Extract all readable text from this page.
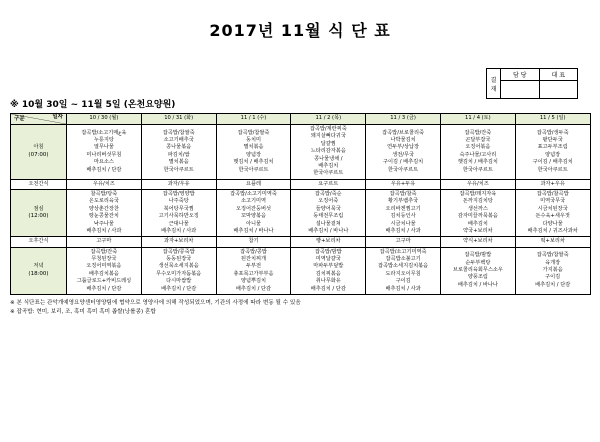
2017년 11월 식 단 표
결
재	담 당	대 표

※ 10월 30일 ~ 11월 5일 (온천요양원)
일자
구분	10 / 30 (월)	10 / 31 (화)	11 / 1 (수)	11 / 2 (목)	11 / 3 (금)	11 / 4 (토)	11 / 5 (일)
아침
(07:00)

잡곡밥/소고기매ع육
누룽지탕
열무나물
미나리버섯무침
마요소스
배추김치 / 단감

잡곡밥/찹쌀죽
소고기배추국
콩나물볶음
파김치/쌈
멸치볶음
한국아쿠르트

잡곡밥/찹쌀죽
동치미
멸치볶음
양념장
햇김치 / 배추김치
한국아쿠르트

잡곡밥/계란찌죽
돼지살뼈다귀국
달걀찜
느타리감자볶음
콩나물냉채 /
배추김치
한국아쿠르트

잡곡밥/브로콜리죽
나박물김치
연두부/상납장
생전/무국
구이김 / 배추김치
한국아쿠르트

잡곡밥/잔죽
곤달부잡국
오징어볶음
숙주나물/고사리
햇김치 / 배추김치
한국아쿠르트

잡곡밥/생두죽
팥단두국
표고두부조림
양념장
구이김 / 배추김치
한국아쿠르트

오전간식	우유/치즈	과자/우유	요플레	요구르트	우유+두유	우유/치즈	과자+우유

점심
(12:00)

찰곡밥/탕죽
온도로리육국
양상춘간장찬
땅눈콩물잔치
낙주나물
배추김치 / 사과

잡곡밥/영양밥
나주죽탕
북어탕무국찜
고기사묵하반오징
근대나물
배추김치 / 사과

잡곡밥/소고기미역죽
소고기미역
오징어잔둥버섯
꼬막양볶음
아니물
배추김치 / 바나나

잡곡밥/죽순
오징어죽
들양어묵국
동태전무조림
설나물겉쳐
배추김치 / 바나나

잡곡밥/찰죽
황기부뱀추국
오리바겐찜고기
김치등인사
시금치나물
배추김치 / 사과

잡곡밥/돼지자육
돈까지김치탕
생선까스
감자미끌까묵볶음
배추김치
약국+보리차

잡곡밥/찰곡밥
미역국무국
시금치된장국
돈수육+새우젓
다양나물
배추김치 / 귀즈사과차

오후간식	고구마	과자+보리차	찹기	빵+보리차	고구마	약식+보리차	떡+보리차

저녁
(18:00)

잡곡밥/잔죽
무청된장국
오징어미역볶음
배추김치볶음
그룹글로드+카비드레싱
배추김치 / 단감

잡곡밥/콩죽밥
동동된장국
생선묵소세지볶음
무수오미가자돔볶음
다시마쌈밥
배추김치 / 단감

잡곡밥/콩밥
된잔치찌개
두부전
총포목고가부부음
양념뿌김치
배추김치 / 단감

잡곡밥/밤밥
미역달걀국
마파두부덮밥
김치찌볶음
취나무화유
배추김치 / 단감

잡곡밥/소고기미역죽
잡곡밥소불고기
잡곡밥소세지김치볶음
도라지오이무침
구이김
배추김치 / 사과

잡곡밥/밤밥
순두부백탕
브로콜리육회무스소우
양풍조림
배추김치 / 바나나

잡곡밥/찹쌀죽
육개장
가지볶음
구이김
배추김치 / 단감
※ 본 식단표는 관악개예영요양센터영양팀에 협약으로 영양사에 의해 작성되었으며, 기관의 사정에 따라 변동 될 수 있음
※ 잡곡밥: 현미, 보리, 조, 혹미 흑미 흑미 좁쌀(낭롤콩) 혼합
